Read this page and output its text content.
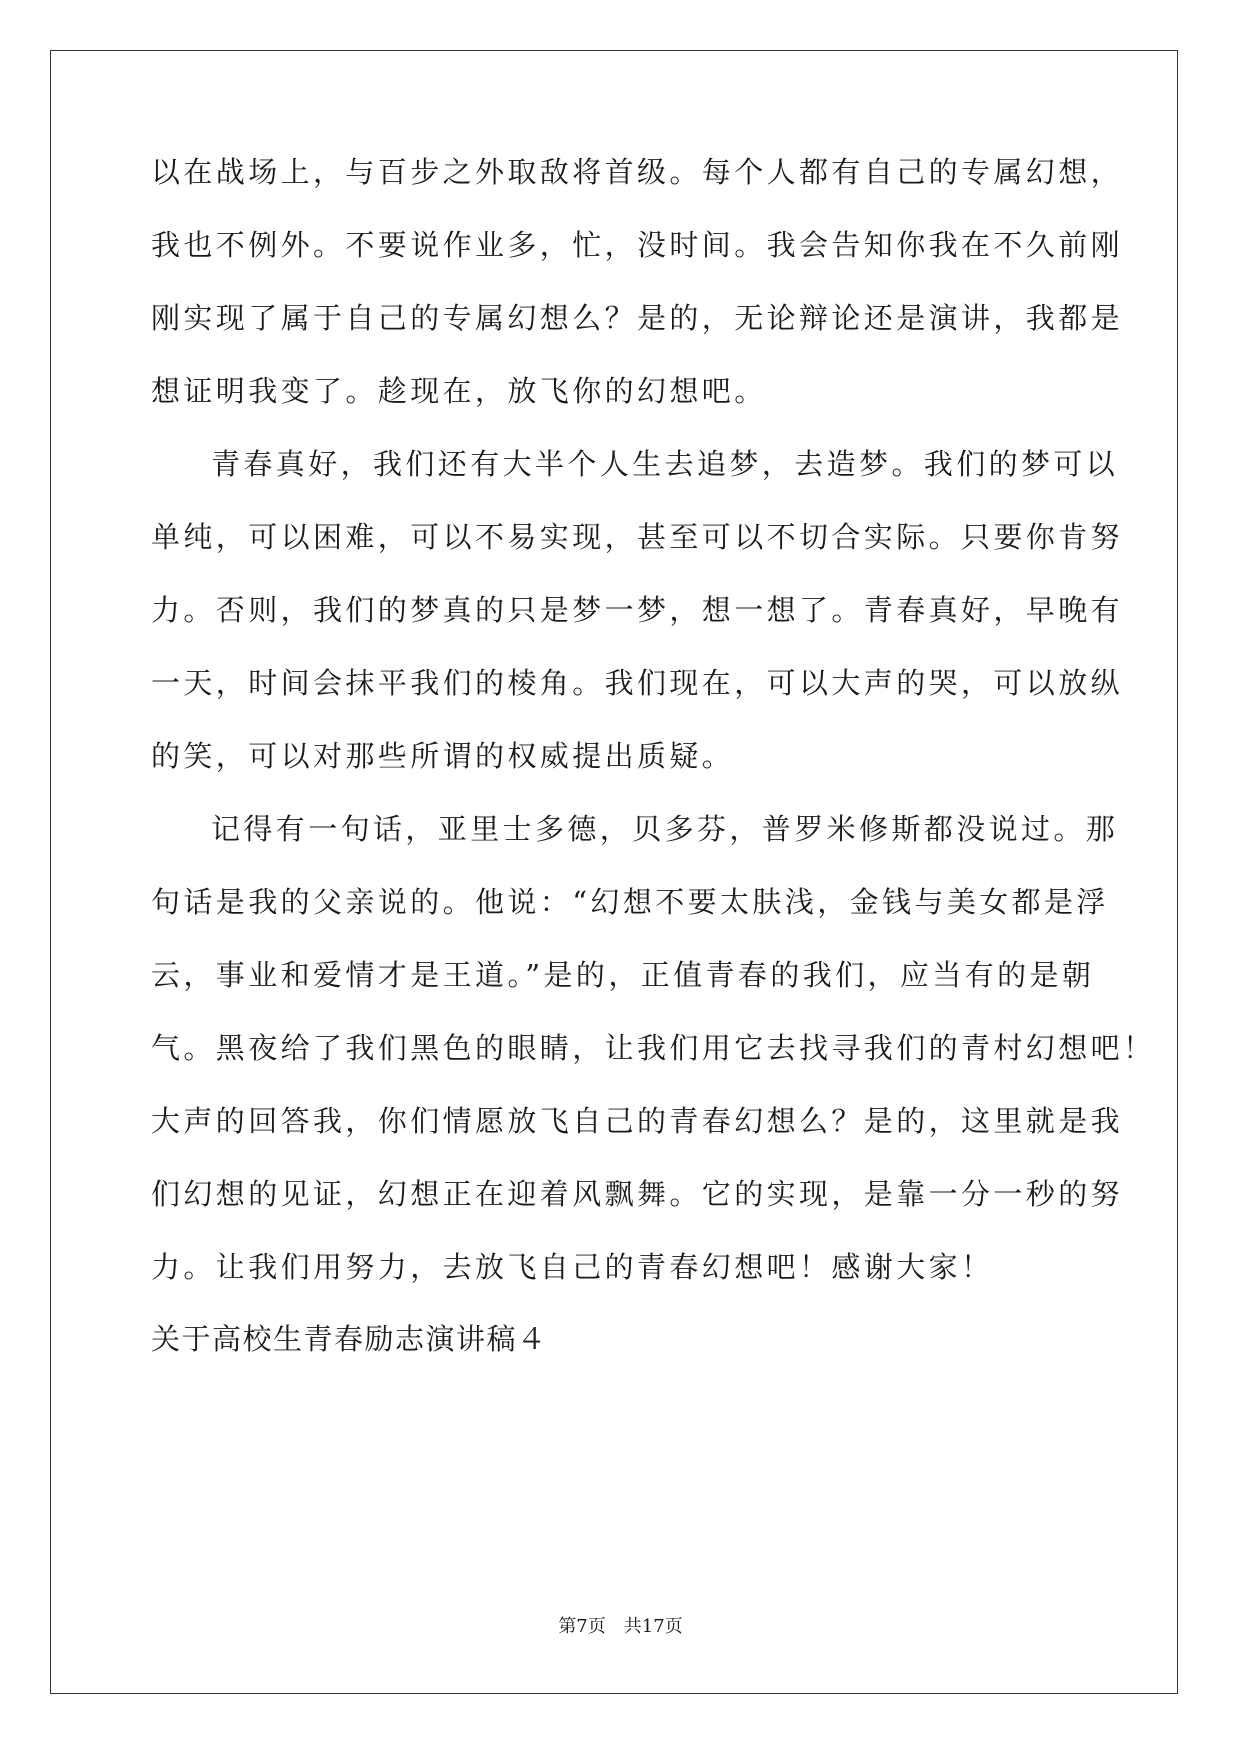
以在战场上，与百步之外取敌将首级。每个人都有自己的专属幻想，
我也不例外。不要说作业多，忙，没时间。我会告知你我在不久前刚
刚实现了属于自己的专属幻想么？是的，无论辩论还是演讲，我都是
想证明我变了。趁现在，放飞你的幻想吧。
青春真好，我们还有大半个人生去追梦，去造梦。我们的梦可以
单纯，可以困难，可以不易实现，甚至可以不切合实际。只要你肯努
力。否则，我们的梦真的只是梦一梦，想一想了。青春真好，早晚有
一天，时间会抹平我们的棱角。我们现在，可以大声的哭，可以放纵
的笑，可以对那些所谓的权威提出质疑。
记得有一句话，亚里士多德，贝多芬，普罗米修斯都没说过。那
句话是我的父亲说的。他说：“幻想不要太肤浅，金钱与美女都是浮
云，事业和爱情才是王道。”是的，正值青春的我们，应当有的是朝
气。黑夜给了我们黑色的眼睛，让我们用它去找寻我们的青村幻想吧！
大声的回答我，你们情愿放飞自己的青春幻想么？是的，这里就是我
们幻想的见证，幻想正在迎着风飘舞。它的实现，是靠一分一秒的努
力。让我们用努力，去放飞自己的青春幻想吧！感谢大家！
关于高校生青春励志演讲稿４
第7页　共17页
